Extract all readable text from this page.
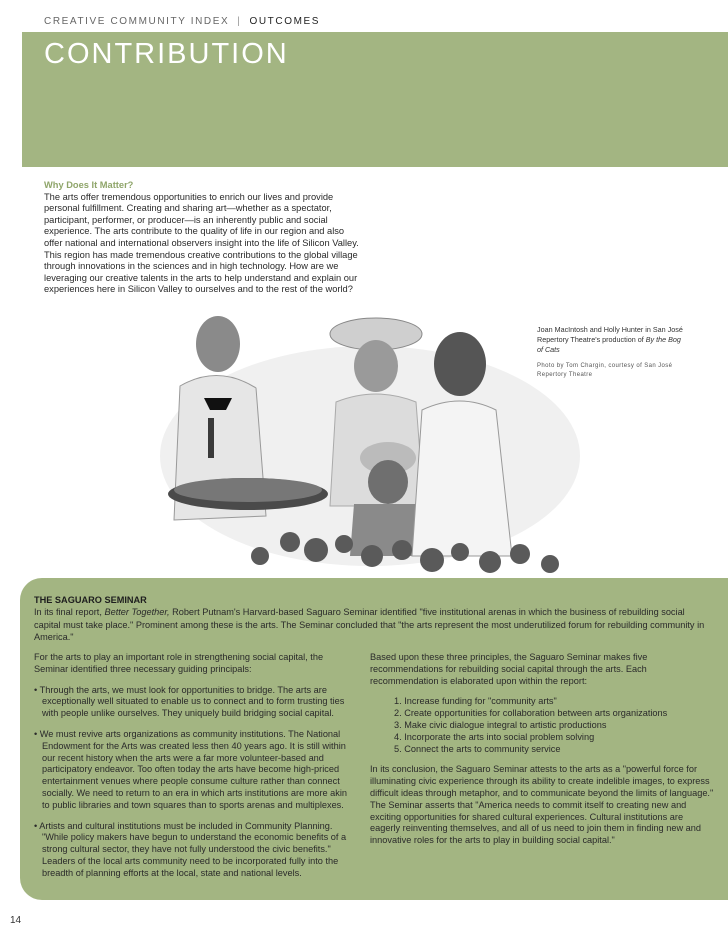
CREATIVE COMMUNITY INDEX | OUTCOMES
CONTRIBUTION
Why Does It Matter?

The arts offer tremendous opportunities to enrich our lives and provide personal fulfillment. Creating and sharing art—whether as a spectator, participant, performer, or producer—is an inherently public and social experience. The arts contribute to the quality of life in our region and also offer national and international observers insight into the life of Silicon Valley. This region has made tremendous creative contributions to the global village through innovations in the sciences and in high technology. How are we leveraging our creative talents in the arts to help understand and explain our experiences here in Silicon Valley to ourselves and to the rest of the world?

Joan MacIntosh and Holly Hunter in San José Repertory Theatre's production of By the Bog of Cats

Photo by Tom Chargin, courtesy of San José Repertory Theatre

THE SAGUARO SEMINAR

In its final report, Better Together, Robert Putnam's Harvard-based Saguaro Seminar identified "five institutional arenas in which the business of rebuilding social capital must take place." Prominent among these is the arts. The Seminar concluded that "the arts represent the most underutilized forum for rebuilding community in America."

For the arts to play an important role in strengthening social capital, the Seminar identified three necessary guiding principals:

• Through the arts, we must look for opportunities to bridge. The arts are exceptionally well situated to enable us to connect and to form trusting ties with people unlike ourselves. They uniquely build bridging social capital.
• We must revive arts organizations as community institutions. The National Endowment for the Arts was created less then 40 years ago. It is still within our recent history when the arts were a far more volunteer-based and participatory endeavor. Too often today the arts have become high-priced entertainment venues where people consume culture rather than connect socially. We need to return to an era in which arts institutions are more akin to public libraries and town squares than to sports arenas and multiplexes.
• Artists and cultural institutions must be included in Community Planning. "While policy makers have begun to understand the economic benefits of a strong cultural sector, they have not fully understood the civic benefits." Leaders of the local arts community need to be incorporated fully into the breadth of planning efforts at the local, state and national levels.

Based upon these three principles, the Saguaro Seminar makes five recommendations for rebuilding social capital through the arts. Each recommendation is elaborated upon within the report:

1. Increase funding for "community arts"
2. Create opportunities for collaboration between arts organizations
3. Make civic dialogue integral to artistic productions
4. Incorporate the arts into social problem solving
5. Connect the arts to community service

In its conclusion, the Saguaro Seminar attests to the arts as a "powerful force for illuminating civic experience through its ability to create indelible images, to express difficult ideas through metaphor, and to communicate beyond the limits of language." The Seminar asserts that "America needs to commit itself to creating new and exciting opportunities for shared cultural experiences. Cultural institutions are eagerly reinventing themselves, and all of us need to join them in finding new and innovative roles for the arts to play in building social capital."

14
